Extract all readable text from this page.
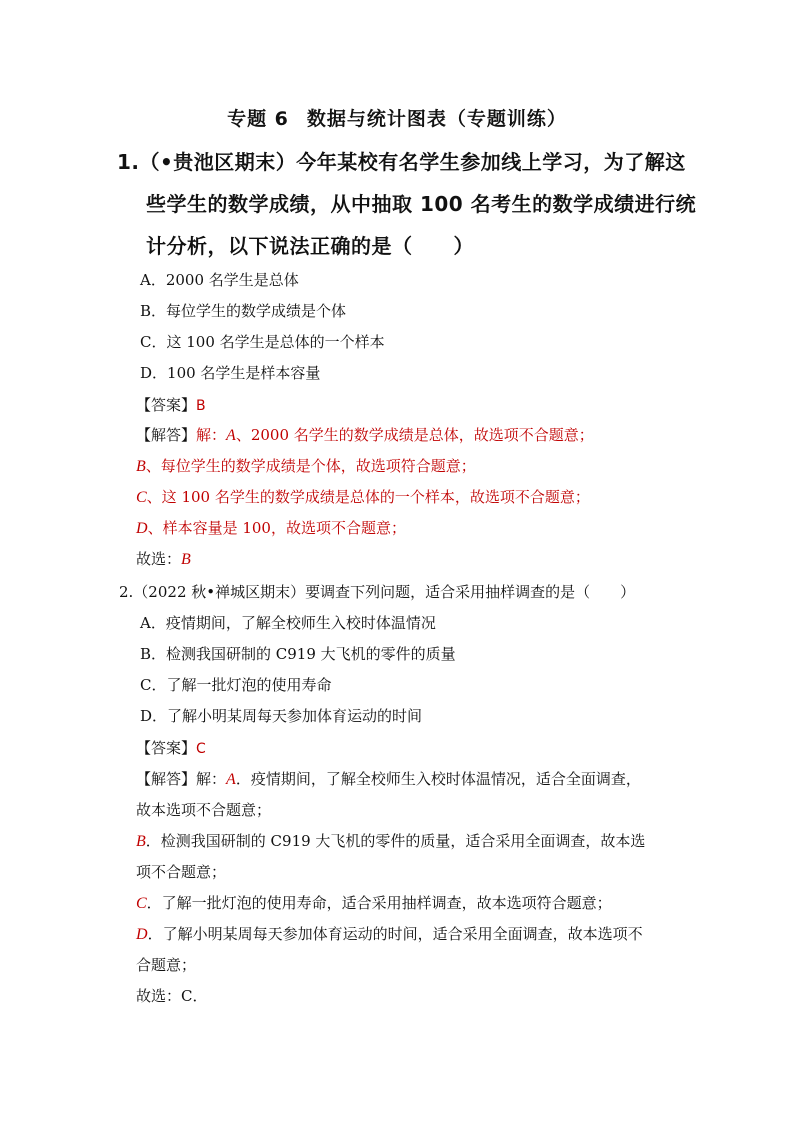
专题 6 数据与统计图表（专题训练）
1.（•贵池区期末）今年某校有名学生参加线上学习，为了解这
些学生的数学成绩，从中抽取 100 名考生的数学成绩进行统
计分析，以下说法正确的是（　　）
A．2000 名学生是总体
B．每位学生的数学成绩是个体
C．这 100 名学生是总体的一个样本
D．100 名学生是样本容量
【答案】B
【解答】解：A、2000 名学生的数学成绩是总体，故选项不合题意；
B、每位学生的数学成绩是个体，故选项符合题意；
C、这 100 名学生的数学成绩是总体的一个样本，故选项不合题意；
D、样本容量是 100，故选项不合题意；
故选：B
2.（2022 秋•禅城区期末）要调查下列问题，适合采用抽样调查的是（　　）
A．疫情期间，了解全校师生入校时体温情况
B．检测我国研制的 C919 大飞机的零件的质量
C．了解一批灯泡的使用寿命
D．了解小明某周每天参加体育运动的时间
【答案】C
【解答】解：A．疫情期间，了解全校师生入校时体温情况，适合全面调查，
故本选项不合题意；
B．检测我国研制的 C919 大飞机的零件的质量，适合采用全面调查，故本选
项不合题意；
C．了解一批灯泡的使用寿命，适合采用抽样调查，故本选项符合题意；
D．了解小明某周每天参加体育运动的时间，适合采用全面调查，故本选项不
合题意；
故选：C．
